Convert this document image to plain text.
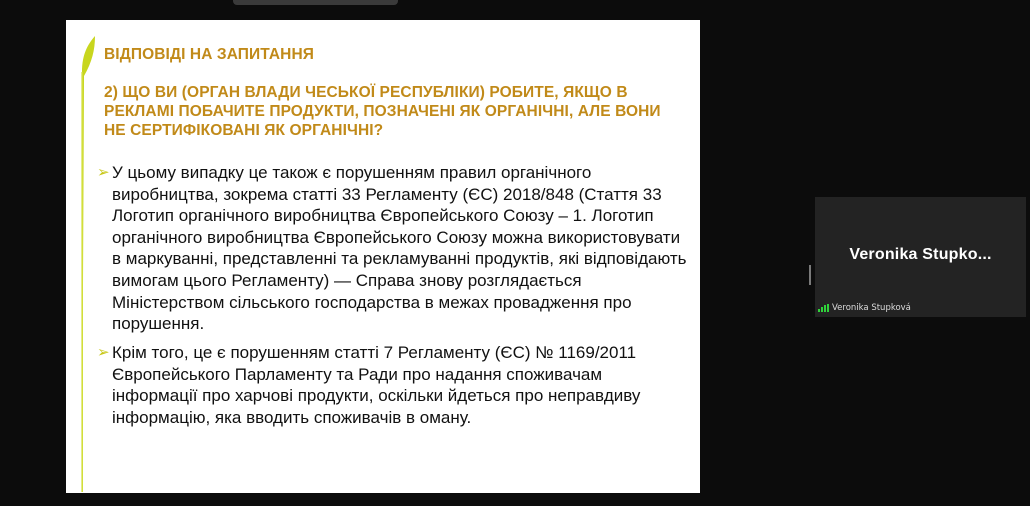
ВІДПОВІДІ НА ЗАПИТАННЯ
2) ЩО ВИ (ОРГАН ВЛАДИ ЧЕСЬКОЇ РЕСПУБЛІКИ) РОБИТЕ, ЯКЩО В РЕКЛАМІ ПОБАЧИТЕ ПРОДУКТИ, ПОЗНАЧЕНІ ЯК ОРГАНІЧНІ, АЛЕ ВОНИ НЕ СЕРТИФІКОВАНІ ЯК ОРГАНІЧНІ?
➢ У цьому випадку це також є порушенням правил органічного виробництва, зокрема статті 33 Регламенту (ЄС) 2018/848 (Стаття 33 Логотип органічного виробництва Європейського Союзу – 1. Логотип органічного виробництва Європейського Союзу можна використовувати в маркуванні, представленні та рекламуванні продуктів, які відповідають вимогам цього Регламенту) — Справа знову розглядається Міністерством сільського господарства в межах провадження про порушення.
➢ Крім того, це є порушенням статті 7 Регламенту (ЄС) № 1169/2011 Європейського Парламенту та Ради про надання споживачам інформації про харчові продукти, оскільки йдеться про неправдиву інформацію, яка вводить споживачів в оману.
Veronika Stupko...
Veronika Stupková
